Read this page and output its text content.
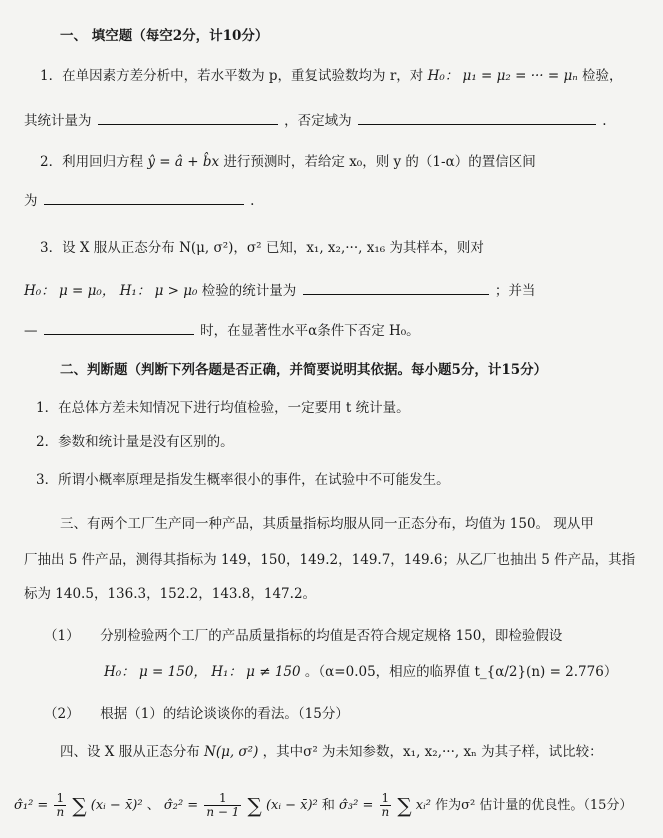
一、 填空题（每空2分，计10分）
1．在单因素方差分析中，若水平数为 p，重复试验数均为 r，对 H₀： μ₁ = μ₂ = ··· = μₙ 检验，
其统计量为	，否定域为	.
2．利用回归方程 ŷ = â + b̂x 进行预测时，若给定 x₀，则 y 的（1-α）的置信区间
为	.
3．设 X 服从正态分布 N(μ, σ²)，σ² 已知，x₁, x₂,···, x₁₆ 为其样本，则对
H₀： μ = μ₀， H₁： μ > μ₀ 检验的统计量为	；并当
—	时，在显著性水平α条件下否定 H₀。
二、判断题（判断下列各题是否正确，并简要说明其依据。每小题5分，计15分）
1．在总体方差未知情况下进行均值检验，一定要用 t 统计量。
2．参数和统计量是没有区别的。
3．所谓小概率原理是指发生概率很小的事件，在试验中不可能发生。
三、有两个工厂生产同一种产品，其质量指标均服从同一正态分布，均值为 150。 现从甲
厂抽出 5 件产品，测得其指标为 149，150，149.2，149.7，149.6；从乙厂也抽出 5 件产品，其指
标为 140.5，136.3，152.2，143.8，147.2。
（1） 分别检验两个工厂的产品质量指标的均值是否符合规定规格 150，即检验假设
H₀： μ = 150， H₁： μ ≠ 150 。（α=0.05，相应的临界值 t_{α/2}(n) = 2.776）
（2） 根据（1）的结论谈谈你的看法。（15分）
四、设 X 服从正态分布 N(μ, σ²) ，其中σ² 为未知参数，x₁, x₂,···, xₙ 为其子样，试比较：
σ̂₁² = $\frac{1}{n}$ ∑ (xᵢ − x̄)² 、 σ̂₂² = $\frac{1}{n - 1}$ ∑ (xᵢ − x̄)² 和 σ̂₃² = $\frac{1}{n}$ ∑ xᵢ² 作为σ² 估计量的优良性。（15分）
